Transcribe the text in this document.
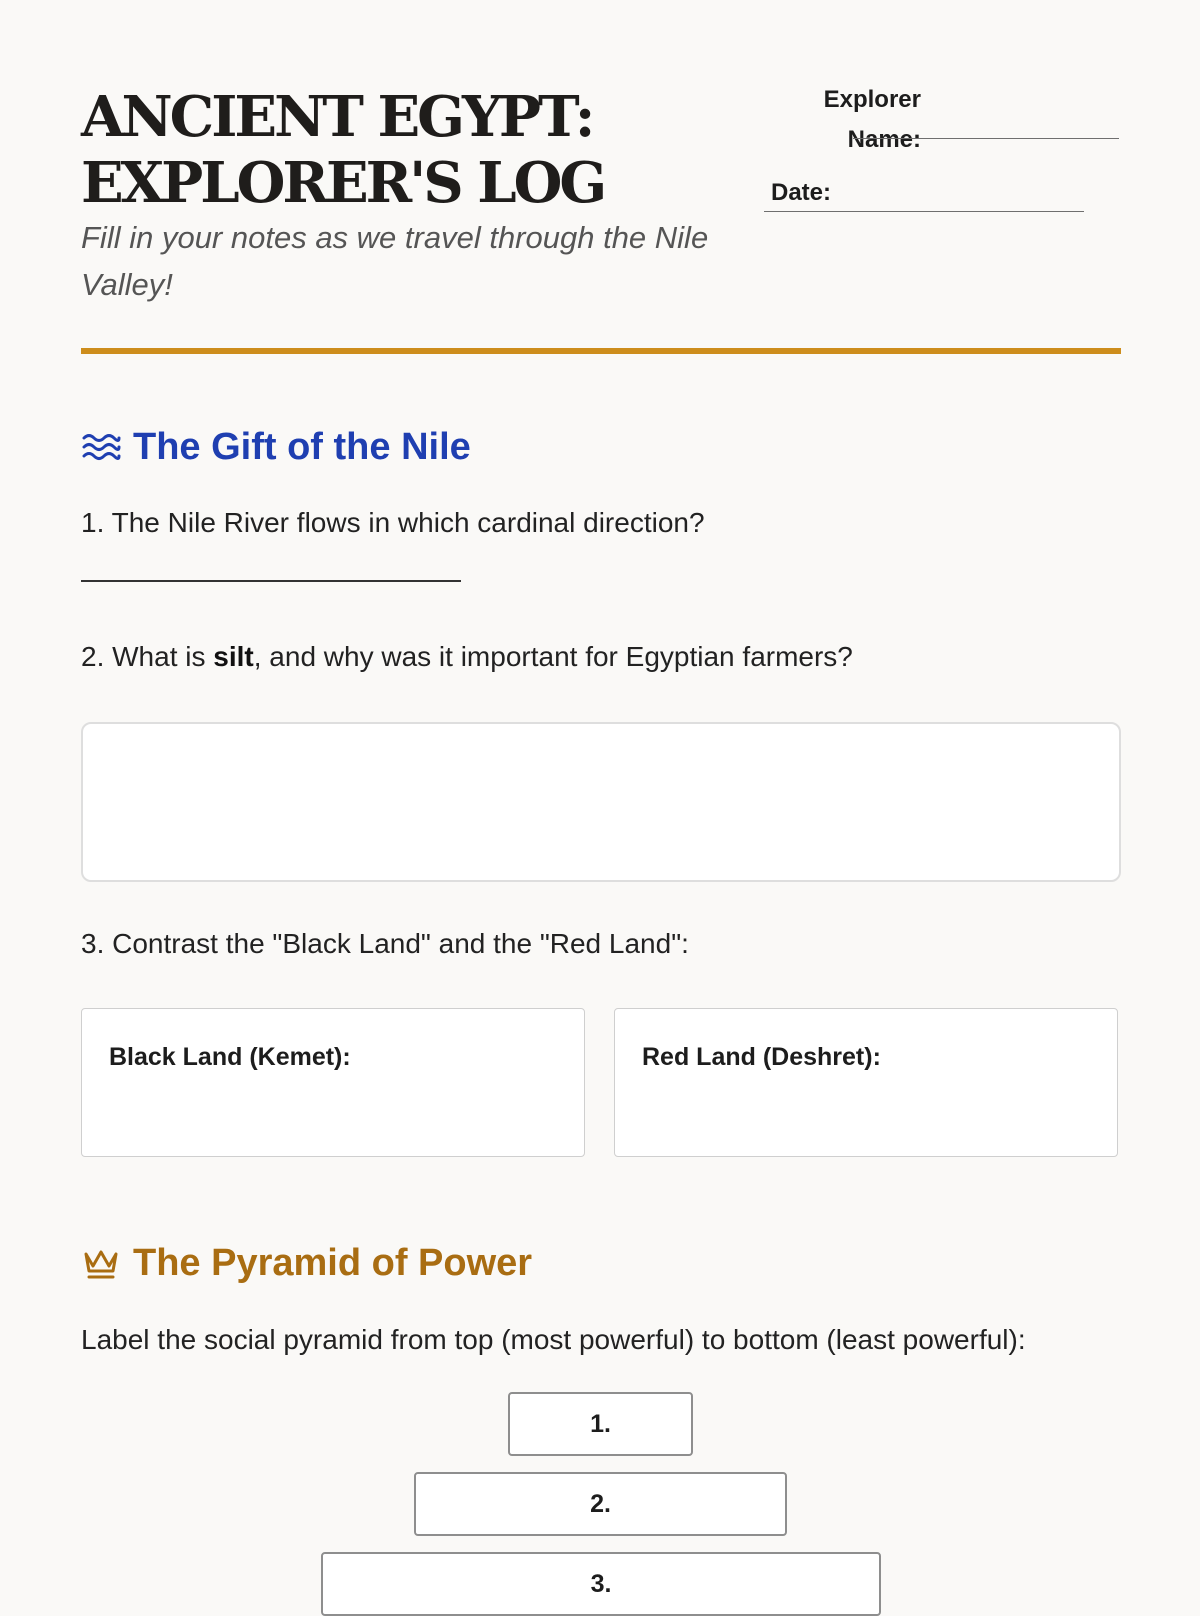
ANCIENT EGYPT:
EXPLORER'S LOG

Fill in your notes as we travel through the Nile Valley!

Explorer
Name:
Date:
The Gift of the Nile

1. The Nile River flows in which cardinal direction?

2. What is silt, and why was it important for Egyptian farmers?

3. Contrast the "Black Land" and the "Red Land":

Black Land (Kemet):	Red Land (Deshret):
The Pyramid of Power

Label the social pyramid from top (most powerful) to bottom (least powerful):

1.
2.
3.
